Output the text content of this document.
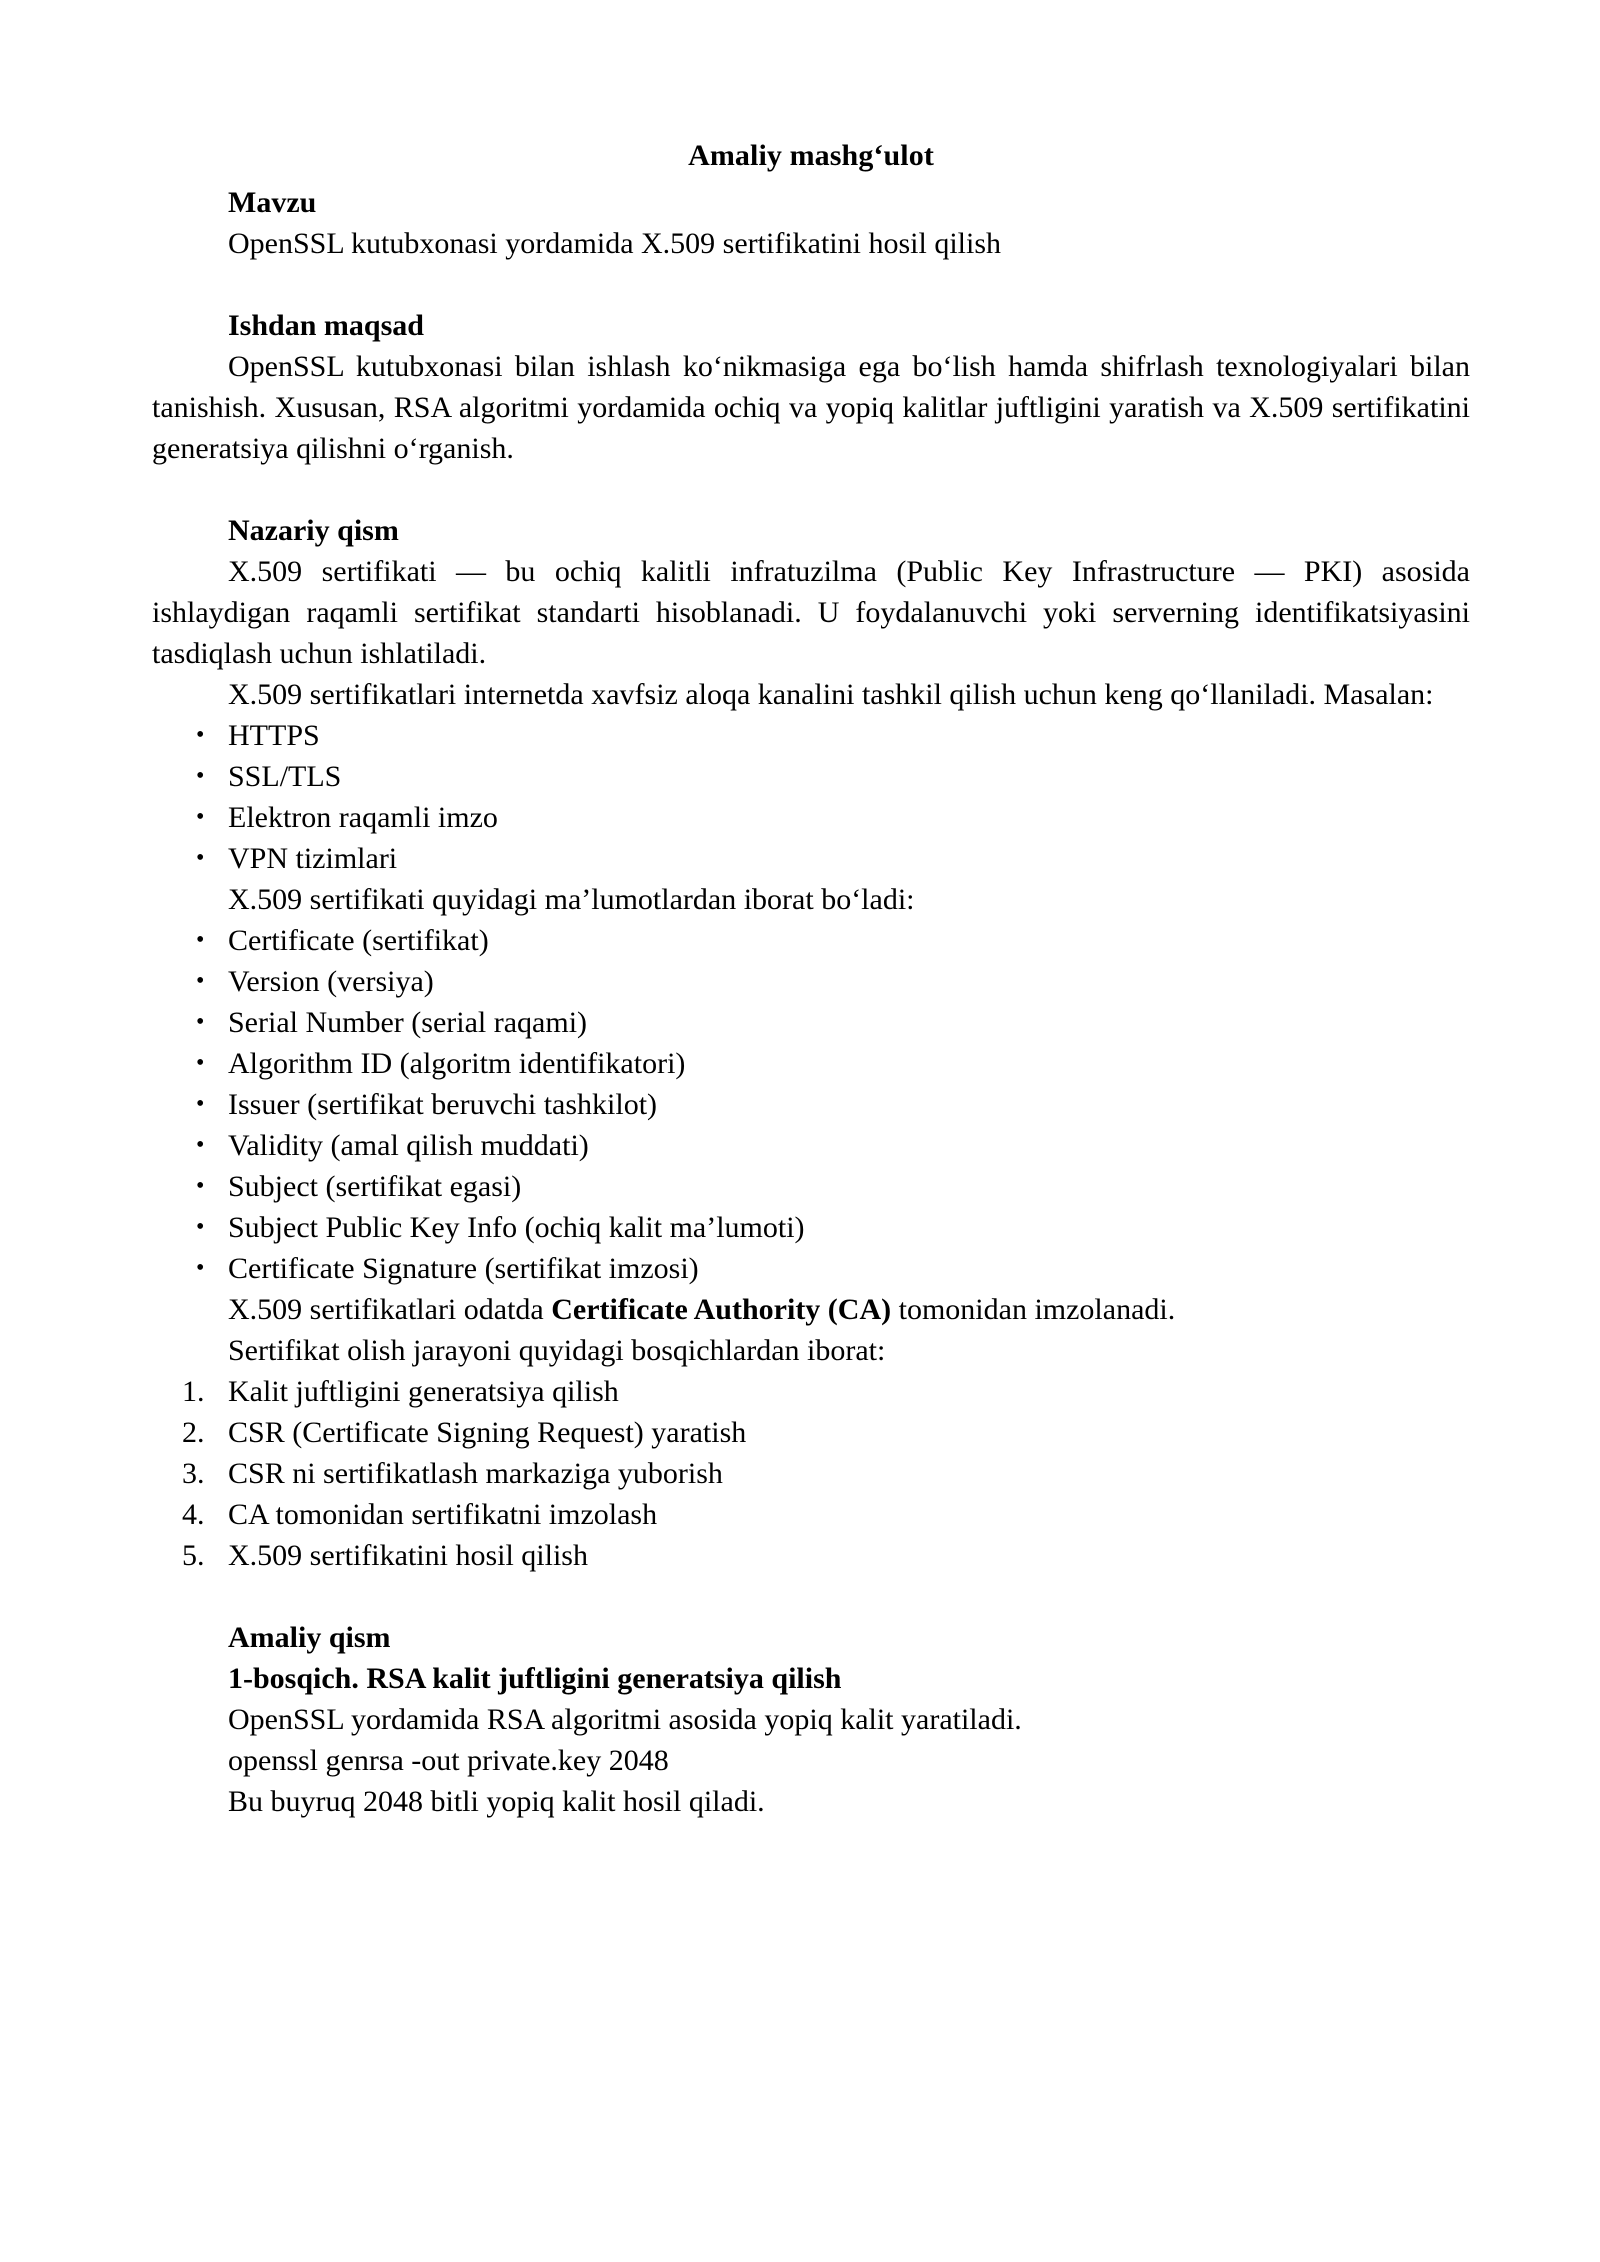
Amaliy mashg‘ulot
Mavzu
OpenSSL kutubxonasi yordamida X.509 sertifikatini hosil qilish
Ishdan maqsad
OpenSSL kutubxonasi bilan ishlash ko‘nikmasiga ega bo‘lish hamda shifrlash texnologiyalari bilan tanishish. Xususan, RSA algoritmi yordamida ochiq va yopiq kalitlar juftligini yaratish va X.509 sertifikatini generatsiya qilishni o‘rganish.
Nazariy qism
X.509 sertifikati — bu ochiq kalitli infratuzilma (Public Key Infrastructure — PKI) asosida ishlaydigan raqamli sertifikat standarti hisoblanadi. U foydalanuvchi yoki serverning identifikatsiyasini tasdiqlash uchun ishlatiladi.
X.509 sertifikatlari internetda xavfsiz aloqa kanalini tashkil qilish uchun keng qo‘llaniladi. Masalan:
• HTTPS
• SSL/TLS
• Elektron raqamli imzo
• VPN tizimlari
X.509 sertifikati quyidagi ma’lumotlardan iborat bo‘ladi:
• Certificate (sertifikat)
• Version (versiya)
• Serial Number (serial raqami)
• Algorithm ID (algoritm identifikatori)
• Issuer (sertifikat beruvchi tashkilot)
• Validity (amal qilish muddati)
• Subject (sertifikat egasi)
• Subject Public Key Info (ochiq kalit ma’lumoti)
• Certificate Signature (sertifikat imzosi)
X.509 sertifikatlari odatda Certificate Authority (CA) tomonidan imzolanadi.
Sertifikat olish jarayoni quyidagi bosqichlardan iborat:
1. Kalit juftligini generatsiya qilish
2. CSR (Certificate Signing Request) yaratish
3. CSR ni sertifikatlash markaziga yuborish
4. CA tomonidan sertifikatni imzolash
5. X.509 sertifikatini hosil qilish
Amaliy qism
1-bosqich. RSA kalit juftligini generatsiya qilish
OpenSSL yordamida RSA algoritmi asosida yopiq kalit yaratiladi.
openssl genrsa -out private.key 2048
Bu buyruq 2048 bitli yopiq kalit hosil qiladi.
